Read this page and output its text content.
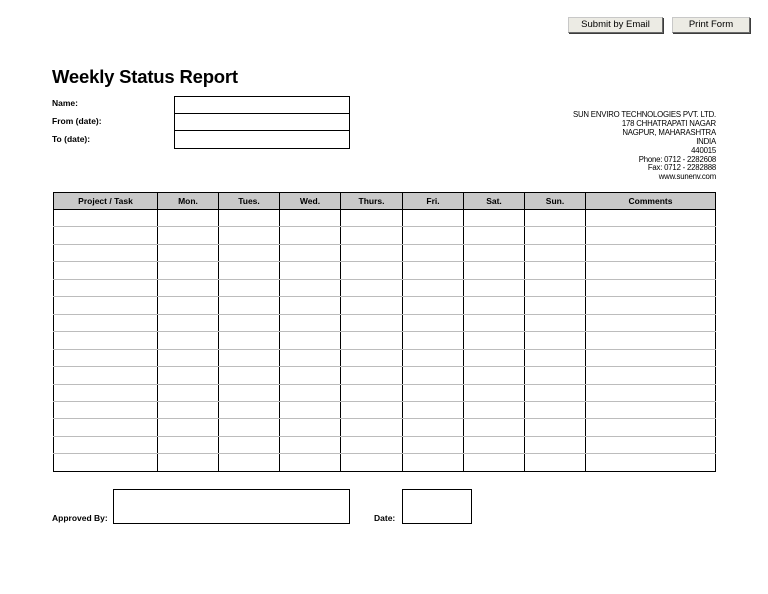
Submit by Email	Print Form
Weekly Status Report
Name:
From (date):
To (date):
SUN ENVIRO TECHNOLOGIES PVT. LTD.
178 CHHATRAPATI NAGAR
NAGPUR, MAHARASHTRA
INDIA
440015
Phone: 0712 - 2282608
Fax: 0712 - 2282888
www.sunenv.com
Project / Task	Mon.	Tues.	Wed.	Thurs.	Fri.	Sat.	Sun.	Comments

Approved By:	Date:
